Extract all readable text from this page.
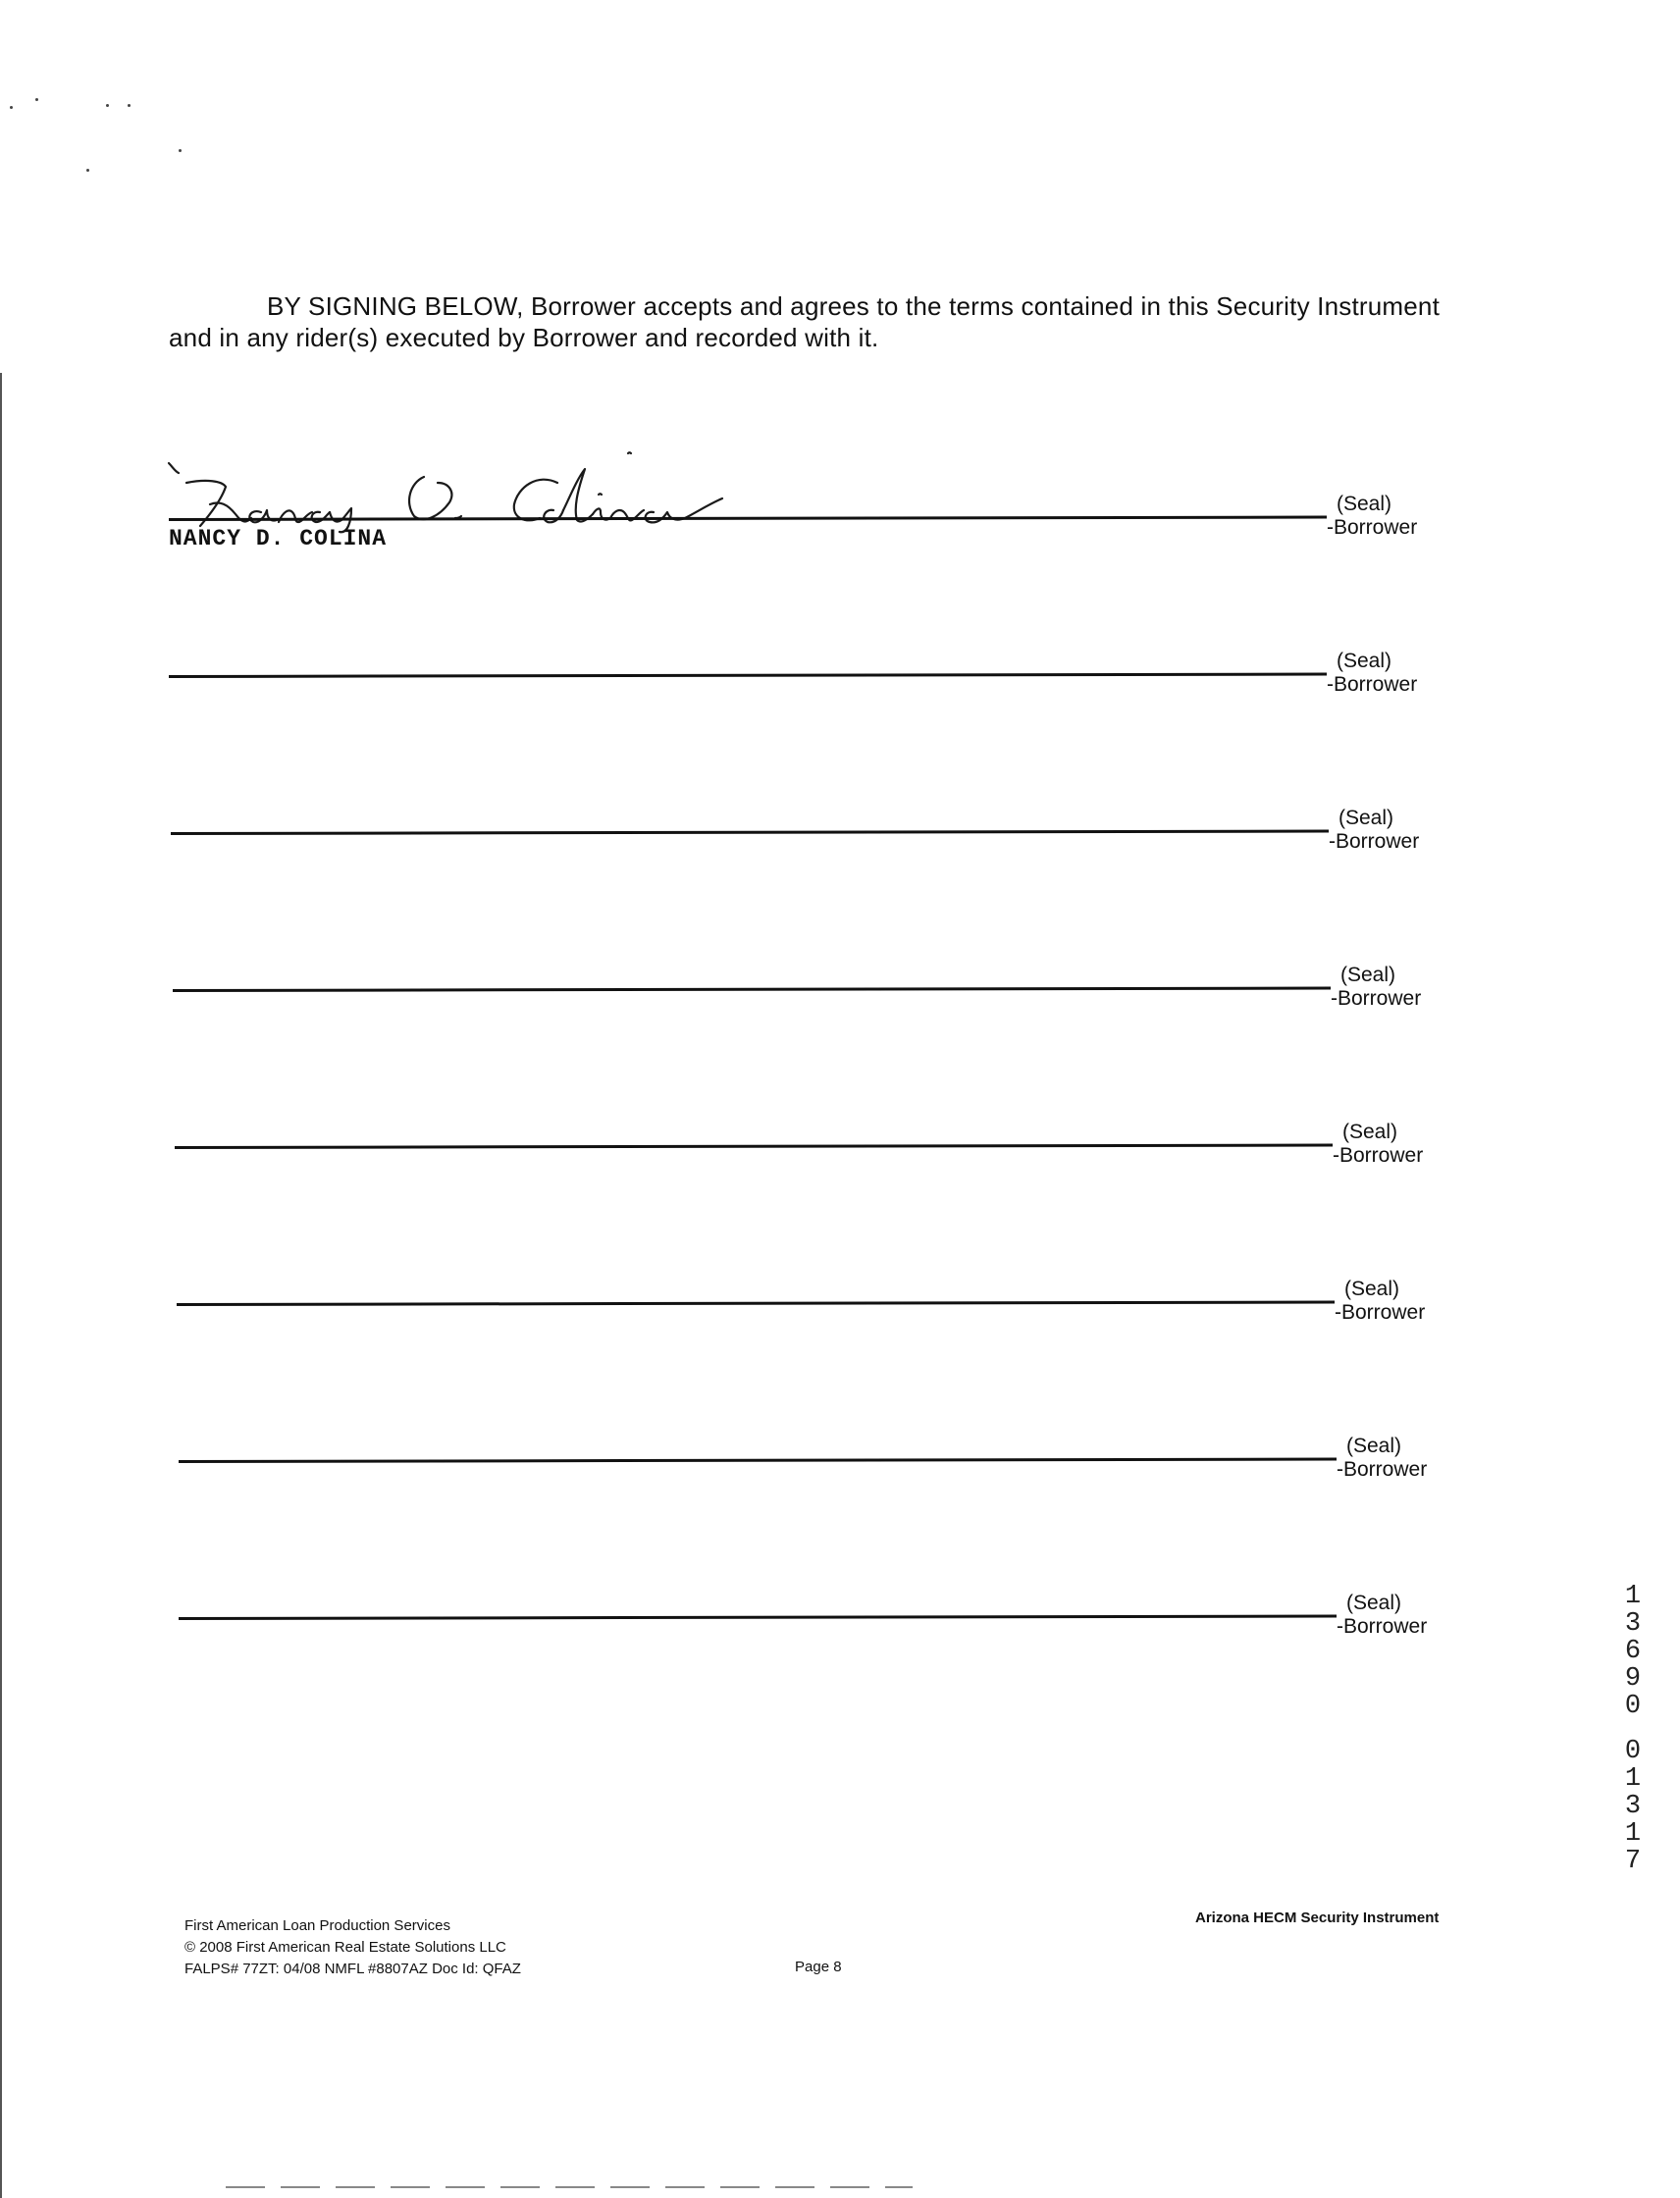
BY SIGNING BELOW, Borrower accepts and agrees to the terms contained in this Security Instrument and in any rider(s) executed by Borrower and recorded with it.

NANCY D. COLINA
(Seal)
-Borrower
(Seal)
-Borrower
(Seal)
-Borrower
(Seal)
-Borrower
(Seal)
-Borrower
(Seal)
-Borrower
(Seal)
-Borrower
(Seal)
-Borrower	13690
01317
First American Loan Production Services
© 2008 First American Real Estate Solutions LLC
FALPS# 77ZT: 04/08 NMFL #8807AZ Doc Id: QFAZ	Page 8
Arizona HECM Security Instrument
